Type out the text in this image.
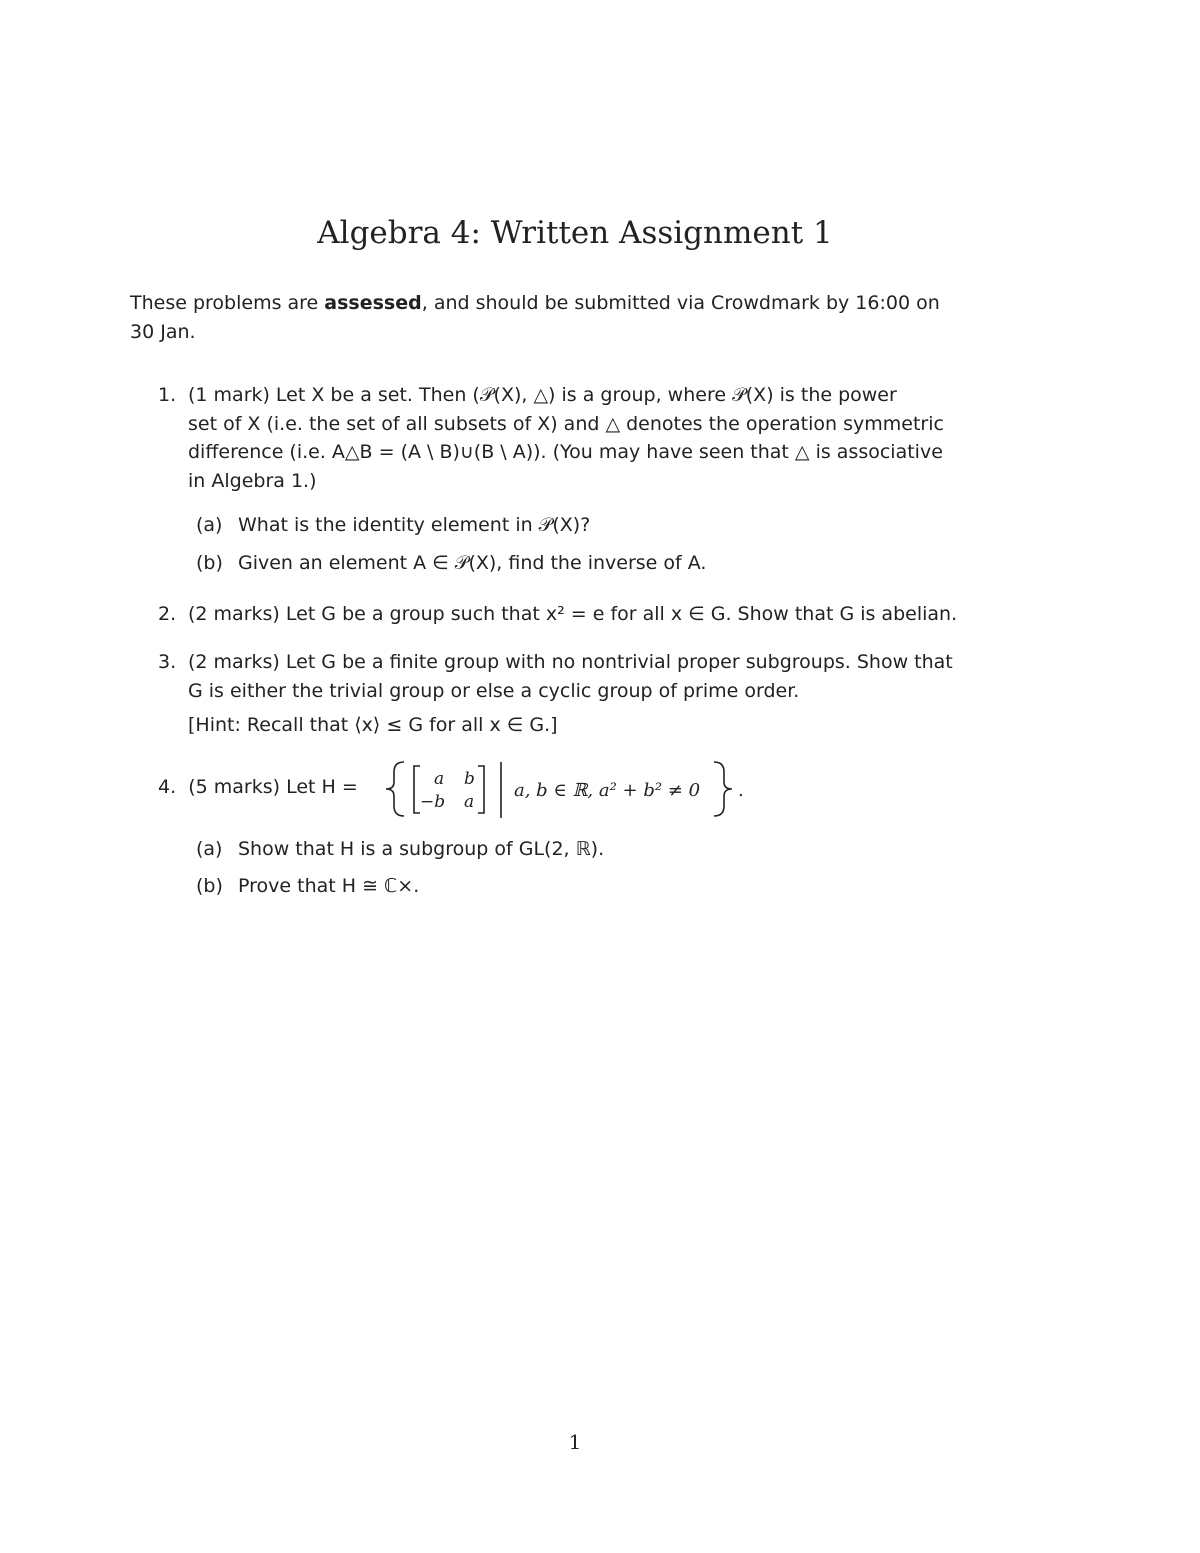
Algebra 4: Written Assignment 1
These problems are assessed, and should be submitted via Crowdmark by 16:00 on
30 Jan.
1. (1 mark) Let X be a set. Then (𝒫(X), △) is a group, where 𝒫(X) is the power
set of X (i.e. the set of all subsets of X) and △ denotes the operation symmetric
difference (i.e. A△B = (A \ B)∪(B \ A)). (You may have seen that △ is associative
in Algebra 1.)
(a) What is the identity element in 𝒫(X)?
(b) Given an element A ∈ 𝒫(X), find the inverse of A.
2. (2 marks) Let G be a group such that x² = e for all x ∈ G. Show that G is abelian.
3. (2 marks) Let G be a finite group with no nontrivial proper subgroups. Show that
G is either the trivial group or else a cyclic group of prime order.
[Hint: Recall that ⟨x⟩ ≤ G for all x ∈ G.]
4. (5 marks) Let H =	a b
−b a
a, b ∈ ℝ, a² + b² ≠ 0 .
(a) Show that H is a subgroup of GL(2, ℝ).
(b) Prove that H ≅ ℂ×.
1
